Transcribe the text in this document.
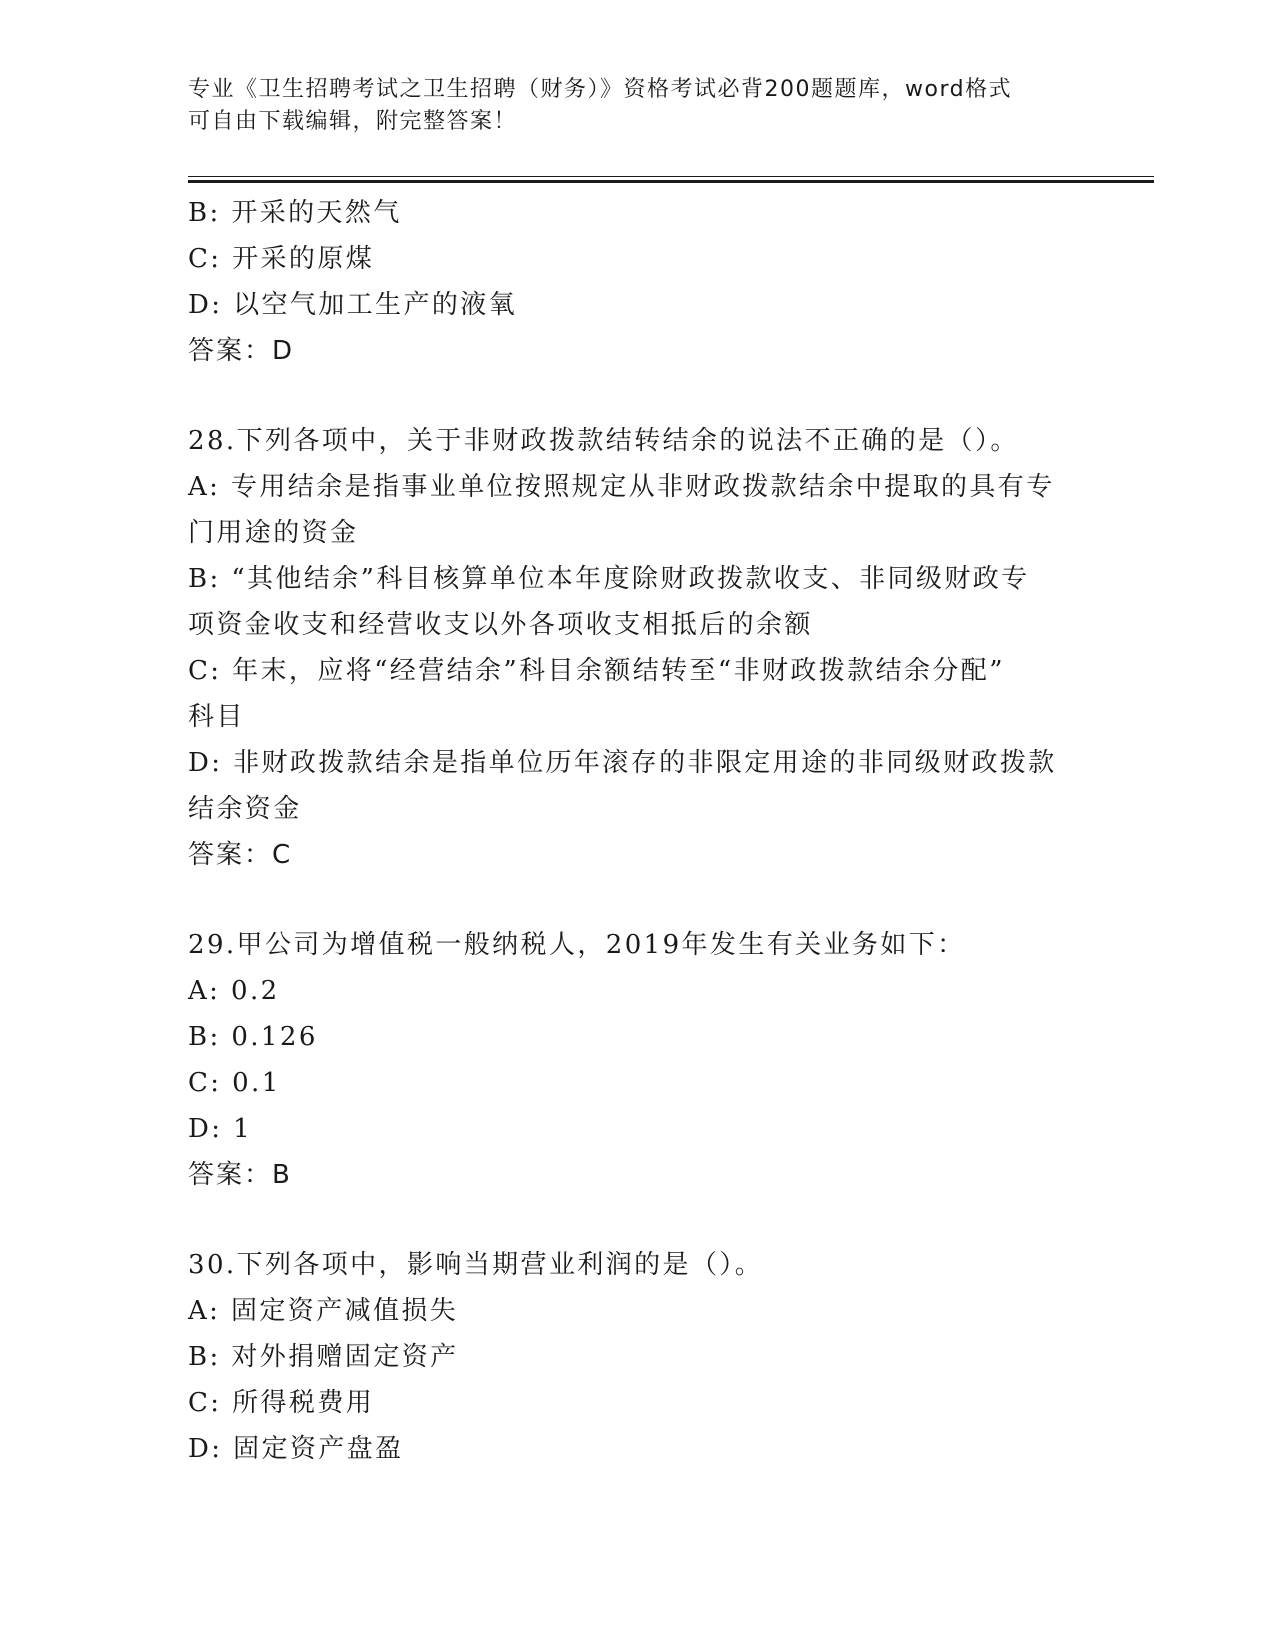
专业《卫生招聘考试之卫生招聘（财务）》资格考试必背200题题库，word格式
可自由下载编辑，附完整答案！
B: 开采的天然气
C: 开采的原煤
D: 以空气加工生产的液氧
答案：D
28.下列各项中，关于非财政拨款结转结余的说法不正确的是（）。
A: 专用结余是指事业单位按照规定从非财政拨款结余中提取的具有专
门用途的资金
B: “其他结余”科目核算单位本年度除财政拨款收支、非同级财政专
项资金收支和经营收支以外各项收支相抵后的余额
C: 年末，应将“经营结余”科目余额结转至“非财政拨款结余分配”
科目
D: 非财政拨款结余是指单位历年滚存的非限定用途的非同级财政拨款
结余资金
答案：C
29.甲公司为增值税一般纳税人，2019年发生有关业务如下：
A: 0.2
B: 0.126
C: 0.1
D: 1
答案：B
30.下列各项中，影响当期营业利润的是（）。
A: 固定资产减值损失
B: 对外捐赠固定资产
C: 所得税费用
D: 固定资产盘盈
